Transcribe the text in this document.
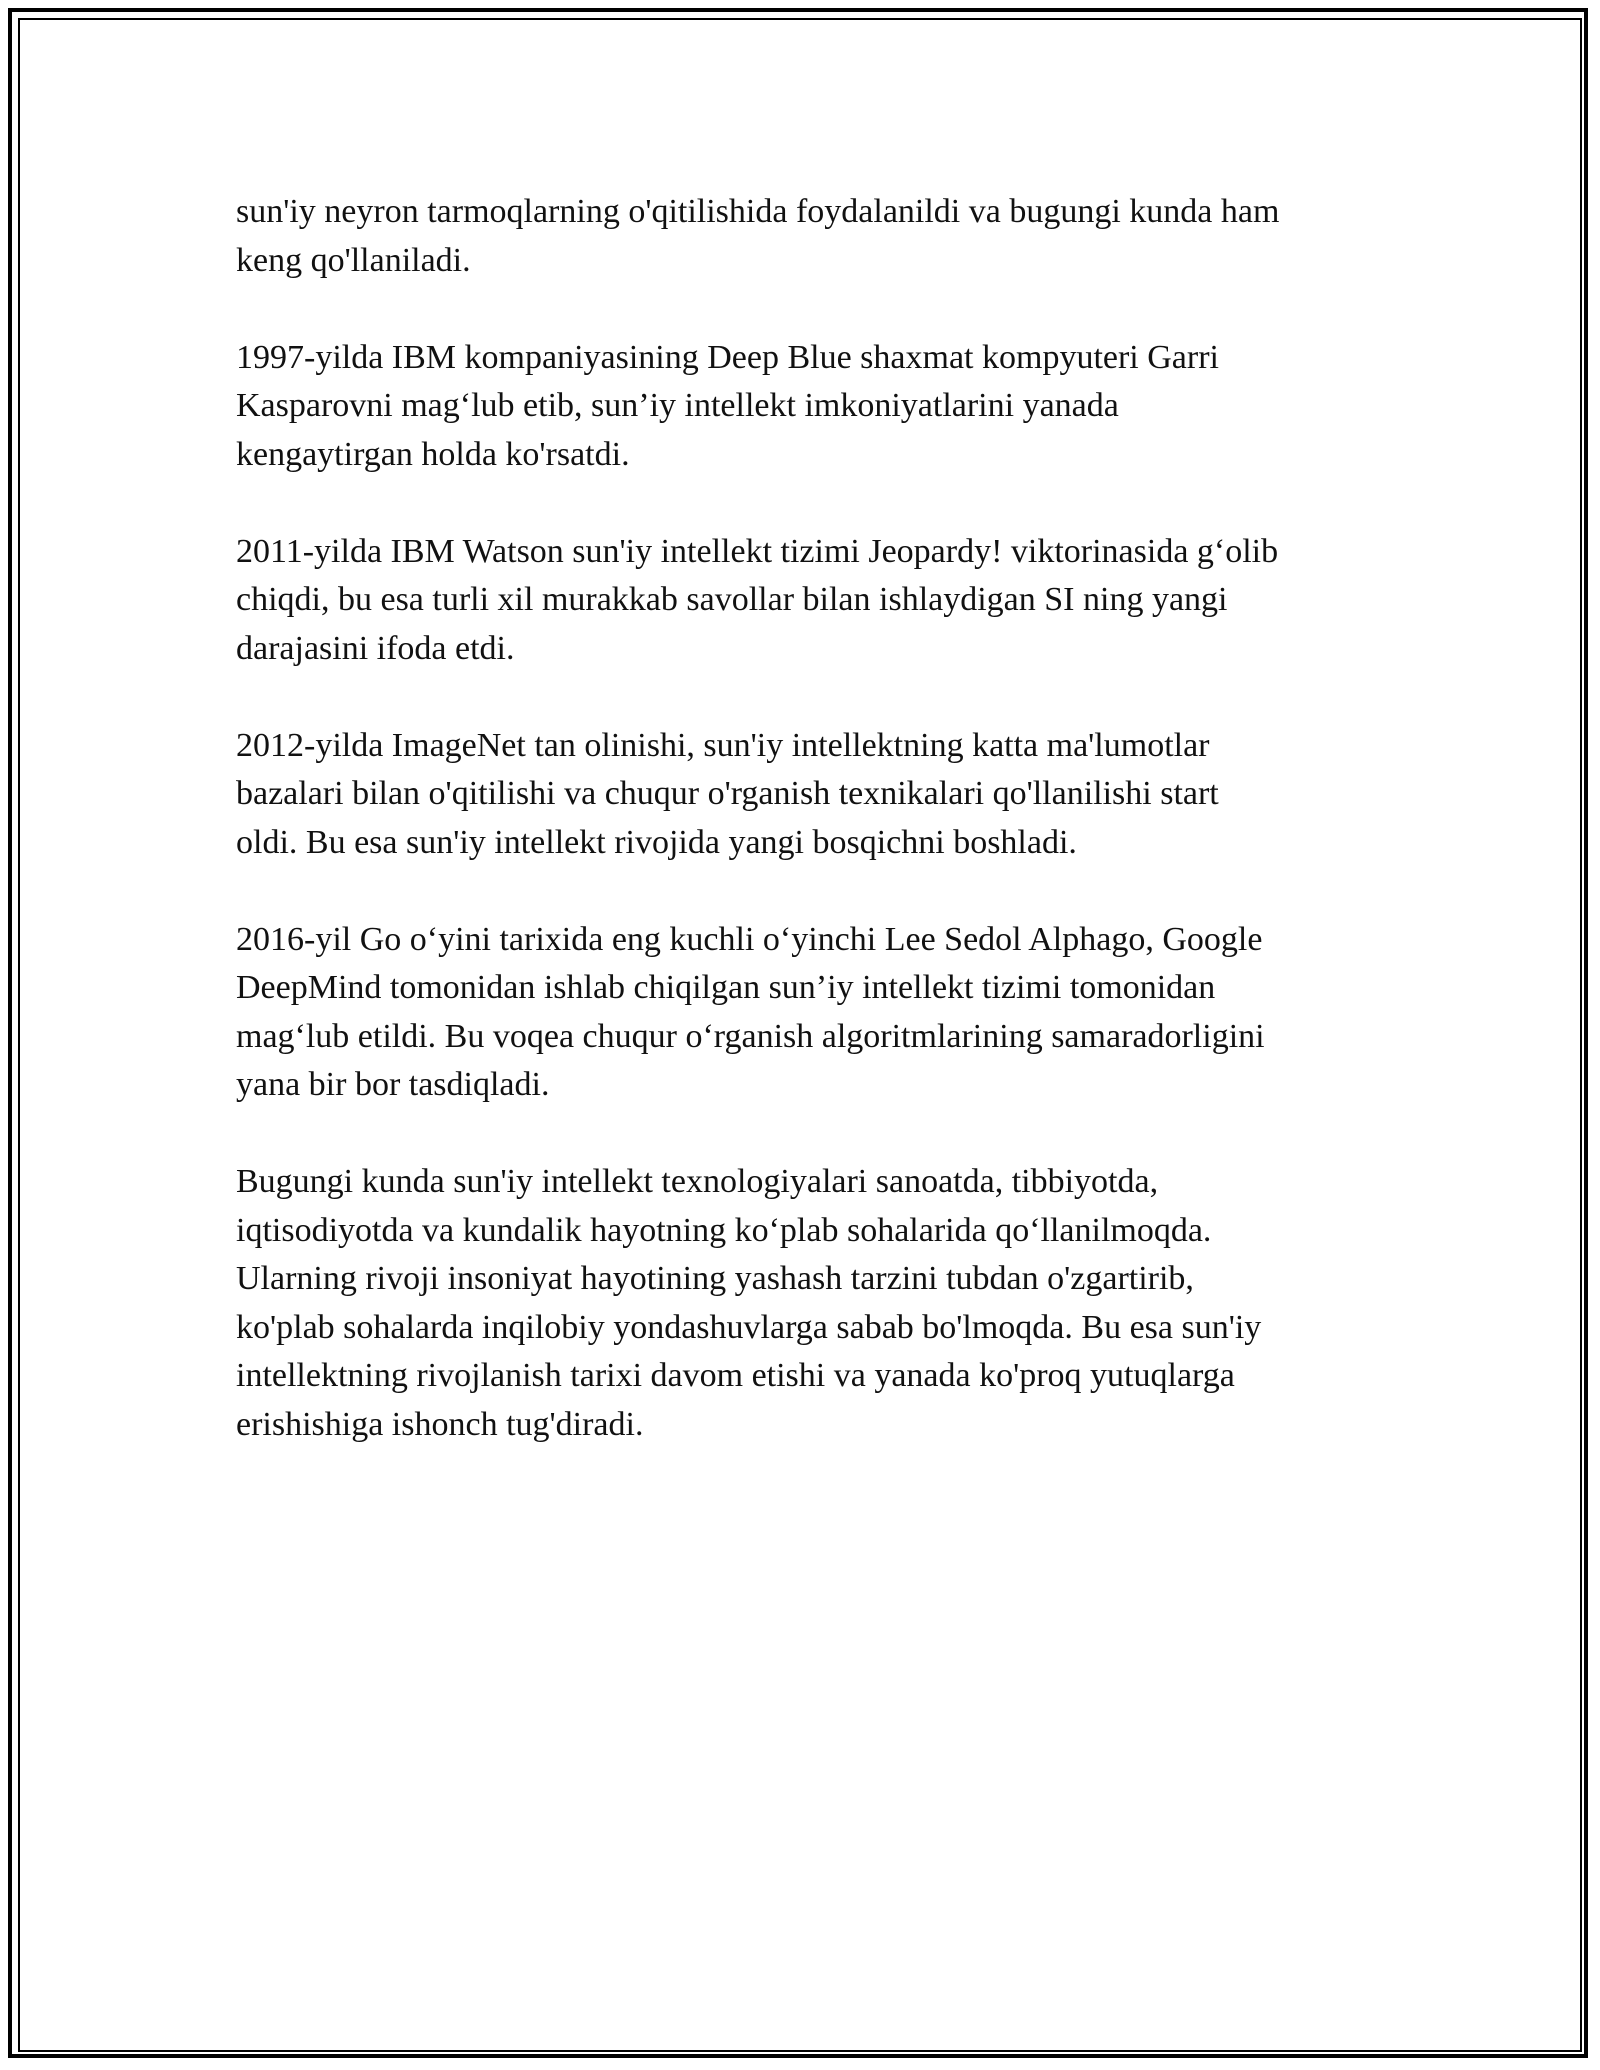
sun'iy neyron tarmoqlarning o'qitilishida foydalanildi va bugungi kunda ham
keng qo'llaniladi.

1997-yilda IBM kompaniyasining Deep Blue shaxmat kompyuteri Garri
Kasparovni mag‘lub etib, sun’iy intellekt imkoniyatlarini yanada
kengaytirgan holda ko'rsatdi.

2011-yilda IBM Watson sun'iy intellekt tizimi Jeopardy! viktorinasida g‘olib
chiqdi, bu esa turli xil murakkab savollar bilan ishlaydigan SI ning yangi
darajasini ifoda etdi.

2012-yilda ImageNet tan olinishi, sun'iy intellektning katta ma'lumotlar
bazalari bilan o'qitilishi va chuqur o'rganish texnikalari qo'llanilishi start
oldi. Bu esa sun'iy intellekt rivojida yangi bosqichni boshladi.

2016-yil Go o‘yini tarixida eng kuchli o‘yinchi Lee Sedol Alphago, Google
DeepMind tomonidan ishlab chiqilgan sun’iy intellekt tizimi tomonidan
mag‘lub etildi. Bu voqea chuqur o‘rganish algoritmlarining samaradorligini
yana bir bor tasdiqladi.

Bugungi kunda sun'iy intellekt texnologiyalari sanoatda, tibbiyotda,
iqtisodiyotda va kundalik hayotning ko‘plab sohalarida qo‘llanilmoqda.
Ularning rivoji insoniyat hayotining yashash tarzini tubdan o'zgartirib,
ko'plab sohalarda inqilobiy yondashuvlarga sabab bo'lmoqda. Bu esa sun'iy
intellektning rivojlanish tarixi davom etishi va yanada ko'proq yutuqlarga
erishishiga ishonch tug'diradi.
